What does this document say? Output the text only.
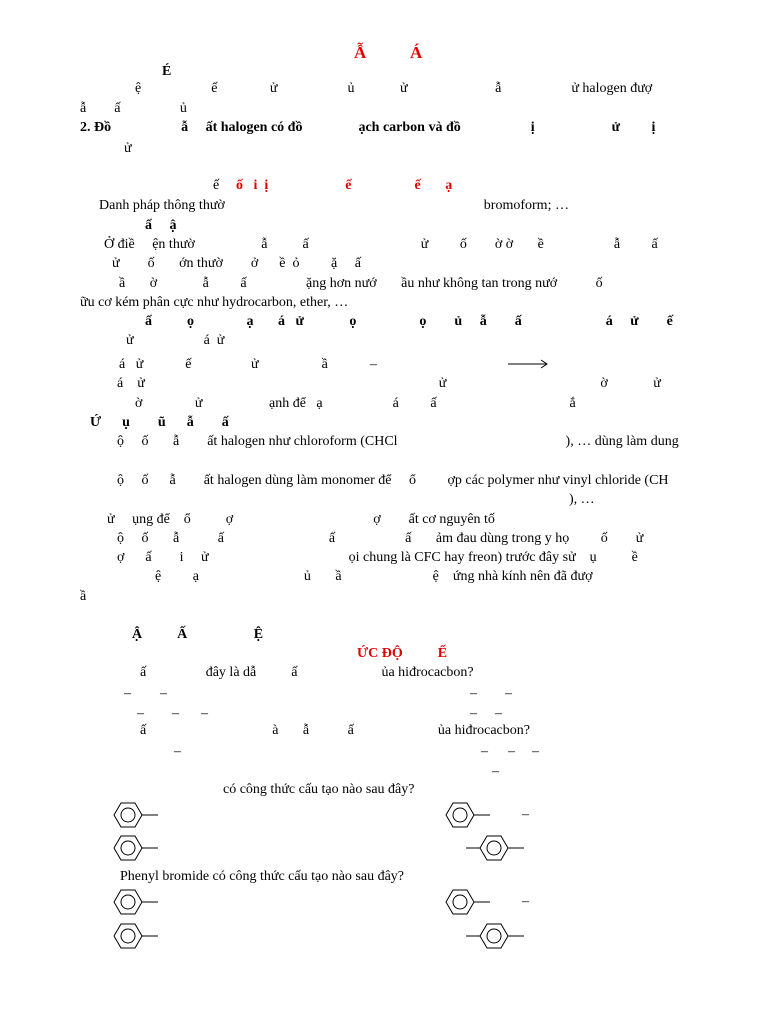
Ẫ	Á
É
ệ                    ế               ử                    ủ             ử                         ẫ                    ử halogen đượ
ẫ        ấ                 ủ
2. Đồ                    ẫ     ất halogen có đồ                ạch carbon và đồ                    ị                      ử         ị
ử
ế ố   i  ị                      ế                  ế       ạ
Danh pháp thông thườ                                                                          bromoform; …
ấ     ậ
Ở điề     ện thườ                   ẫ          ấ                                ử         ố        ờ ờ       ề                    ẫ         ấ
ử        ố       ớn thườ        ở      ề  ỏ         ặ     ấ
ầ       ờ             ẫ         ấ                 ặng hơn nướ       ầu như không tan trong nướ           ố
ữu cơ kém phân cực như hydrocarbon, ether, …
ấ          ọ               ạ       á   ử             ọ                  ọ        ủ     ẫ        ấ                        á     ử        ế
ử                    á  ử
á   ử            ế                 ử                  ầ            –
á    ử                                                                                    ử                                            ờ             ử
ờ               ử                   ạnh để   ạ                    á         ấ                                      ắ
Ứ      ụ        ũ      ẫ        ấ
ộ     ố       ẫ        ất halogen như chloroform (CHCl                                                ), … dùng làm dung
ộ     ố      ẫ        ất halogen dùng làm monomer để     ổ         ợp các polymer như vinyl chloride (CH
), …
ử     ụng để    ổ          ợ                                        ợ        ất cơ nguyên tố
ộ     ố       ẫ           ấ                              ấ                    ấ       ảm đau dùng trong y họ         ố        ử
ợ      ấ        i     ử                                        ọi chung là CFC hay freon) trước đây sử    ụ          ề
ệ         ạ                              ủ       ầ                          ệ    ứng nhà kính nên đã đượ
ầ
Ậ          Ấ                   Ệ
ỨC ĐỘ          Ế
ấ                 đây là dẫ          ấ                        ủa hiđrocacbon?
– –	– –
– – –	– –
ấ                                    à       ẫ           ấ                        ủa hiđrocacbon?
–	– – –
–
có công thức cấu tạo nào sau đây?
–
Phenyl bromide có công thức cấu tạo nào sau đây?
–
